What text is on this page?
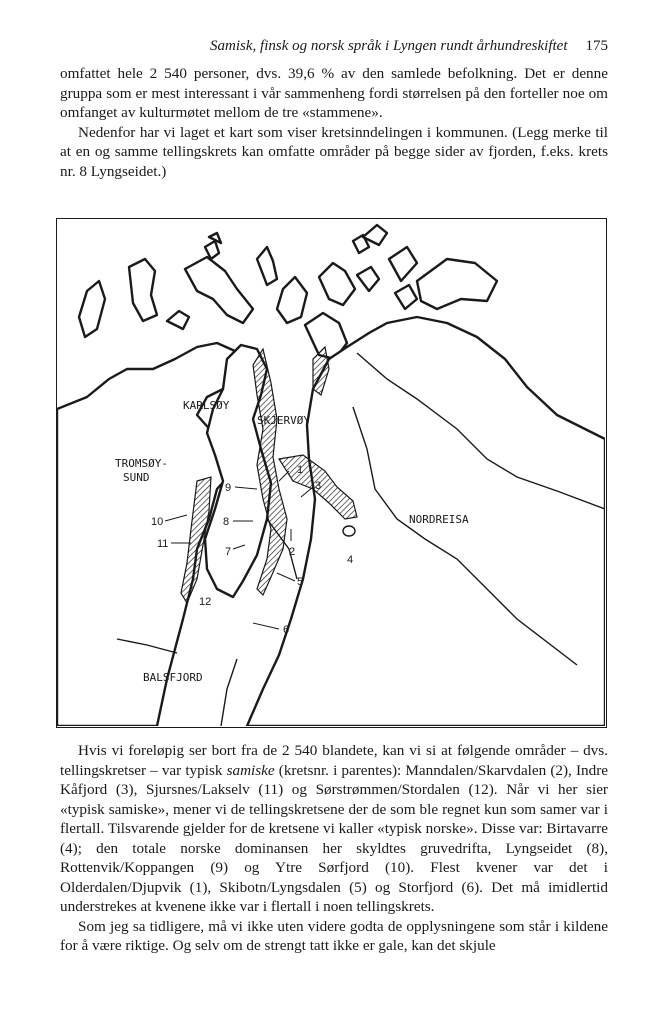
Samisk, finsk og norsk språk i Lyngen rundt århundreskiftet 175

omfattet hele 2 540 personer, dvs. 39,6 % av den samlede befolkning. Det er denne gruppa som er mest interessant i vår sammenheng fordi størrelsen på den forteller noe om omfanget av kulturmøtet mellom de tre «stammene».

Nedenfor har vi laget et kart som viser kretsinndelingen i kommunen. (Legg merke til at en og samme tellingskrets kan omfatte områder på begge sider av fjorden, f.eks. krets nr. 8 Lyngseidet.)

KARLSØY
SKJERVØY
TROMSØY-
SUND
NORDREISA
BALSFJORD
1
2
3
4
5
6
7
8
9
10
11
12

Hvis vi foreløpig ser bort fra de 2 540 blandete, kan vi si at følgende områder – dvs. tellingskretser – var typisk samiske (kretsnr. i parentes): Manndalen/Skarvdalen (2), Indre Kåfjord (3), Sjursnes/Lakselv (11) og Sørstrømmen/Stordalen (12). Når vi her sier «typisk samiske», mener vi de tellingskretsene der de som ble regnet kun som samer var i flertall. Tilsvarende gjelder for de kretsene vi kaller «typisk norske». Disse var: Birtavarre (4); den totale norske dominansen her skyldtes gruvedrifta, Lyngseidet (8), Rottenvik/Koppangen (9) og Ytre Sørfjord (10). Flest kvener var det i Olderdalen/Djupvik (1), Skibotn/Lyngsdalen (5) og Storfjord (6). Det må imidlertid understrekes at kvenene ikke var i flertall i noen tellingskrets.

Som jeg sa tidligere, må vi ikke uten videre godta de opplysningene som står i kildene for å være riktige. Og selv om de strengt tatt ikke er gale, kan det skjule
